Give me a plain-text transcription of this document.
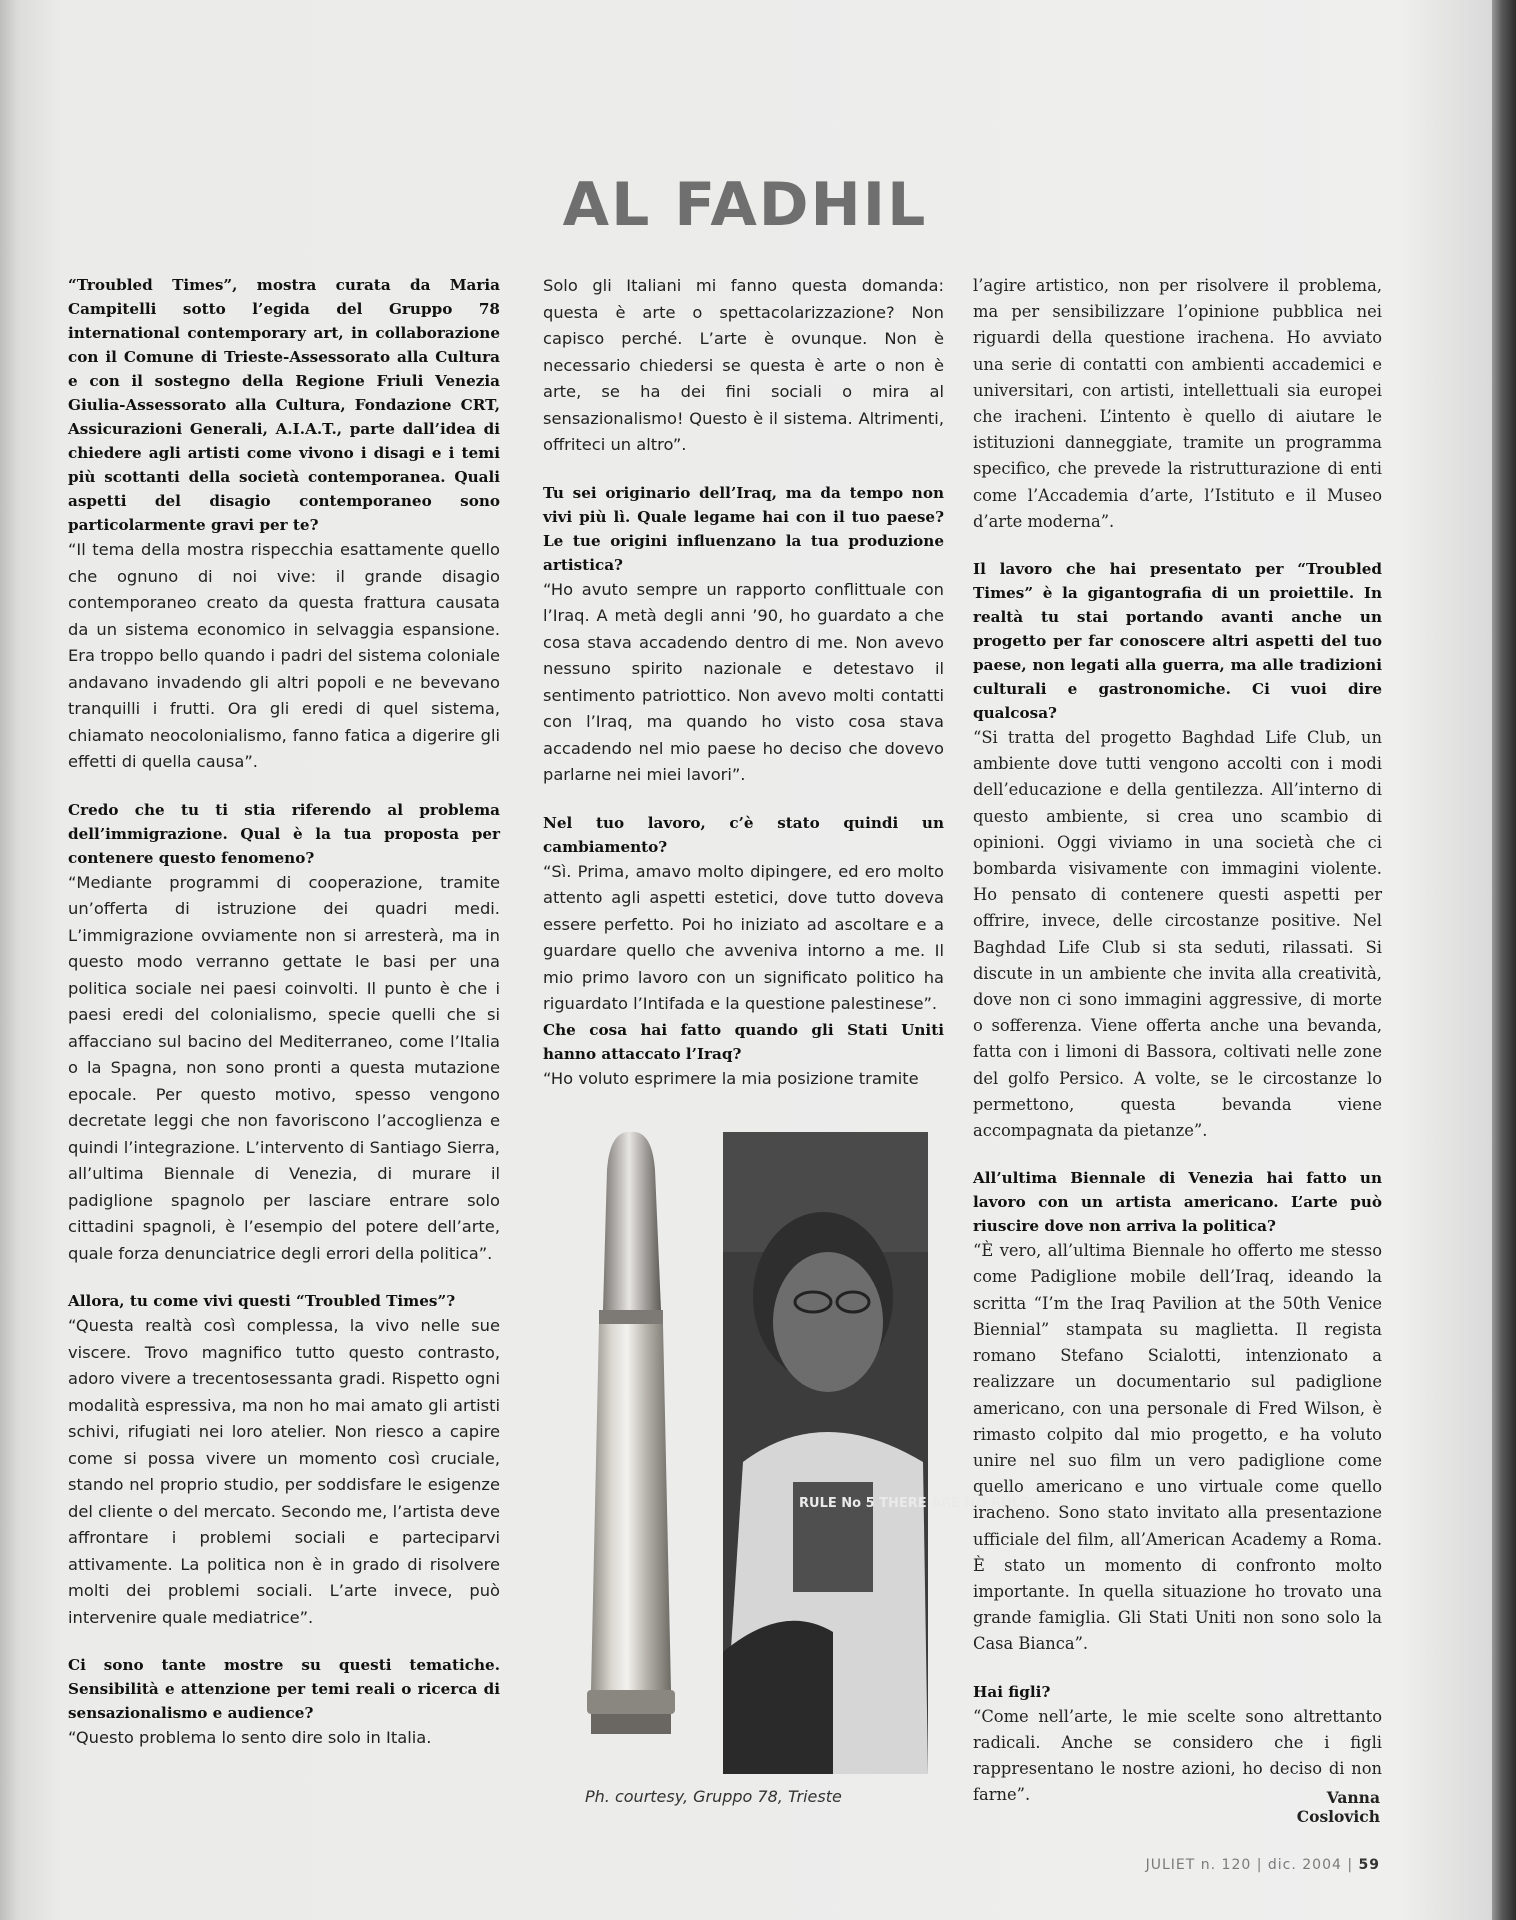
AL FADHIL

“Troubled Times”, mostra curata da Maria Campitelli sotto l’egida del Gruppo 78 international contemporary art, in collaborazione con il Comune di Trieste-Assessorato alla Cultura e con il sostegno della Regione Friuli Venezia Giulia-Assessorato alla Cultura, Fondazione CRT, Assicurazioni Generali, A.I.A.T., parte dall’idea di chiedere agli artisti come vivono i disagi e i temi più scottanti della società contemporanea. Quali aspetti del disagio contemporaneo sono particolarmente gravi per te?

“Il tema della mostra rispecchia esattamente quello che ognuno di noi vive: il grande disagio contemporaneo creato da questa frattura causata da un sistema economico in selvaggia espansione. Era troppo bello quando i padri del sistema coloniale andavano invadendo gli altri popoli e ne bevevano tranquilli i frutti. Ora gli eredi di quel sistema, chiamato neocolonialismo, fanno fatica a digerire gli effetti di quella causa”.

Credo che tu ti stia riferendo al problema dell’immigrazione. Qual è la tua proposta per contenere questo fenomeno?

“Mediante programmi di cooperazione, tramite un’offerta di istruzione dei quadri medi. L’immigrazione ovviamente non si arresterà, ma in questo modo verranno gettate le basi per una politica sociale nei paesi coinvolti. Il punto è che i paesi eredi del colonialismo, specie quelli che si affacciano sul bacino del Mediterraneo, come l’Italia o la Spagna, non sono pronti a questa mutazione epocale. Per questo motivo, spesso vengono decretate leggi che non favoriscono l’accoglienza e quindi l’integrazione. L’intervento di Santiago Sierra, all’ultima Biennale di Venezia, di murare il padiglione spagnolo per lasciare entrare solo cittadini spagnoli, è l’esempio del potere dell’arte, quale forza denunciatrice degli errori della politica”.

Allora, tu come vivi questi “Troubled Times”?

“Questa realtà così complessa, la vivo nelle sue viscere. Trovo magnifico tutto questo contrasto, adoro vivere a trecentosessanta gradi. Rispetto ogni modalità espressiva, ma non ho mai amato gli artisti schivi, rifugiati nei loro atelier. Non riesco a capire come si possa vivere un momento così cruciale, stando nel proprio studio, per soddisfare le esigenze del cliente o del mercato. Secondo me, l’artista deve affrontare i problemi sociali e parteciparvi attivamente. La politica non è in grado di risolvere molti dei problemi sociali. L’arte invece, può intervenire quale mediatrice”.

Ci sono tante mostre su questi tematiche. Sensibilità e attenzione per temi reali o ricerca di sensazionalismo e audience?

“Questo problema lo sento dire solo in Italia.

Solo gli Italiani mi fanno questa domanda: questa è arte o spettacolarizzazione? Non capisco perché. L’arte è ovunque. Non è necessario chiedersi se questa è arte o non è arte, se ha dei fini sociali o mira al sensazionalismo! Questo è il sistema. Altrimenti, offriteci un altro”.

Tu sei originario dell’Iraq, ma da tempo non vivi più lì. Quale legame hai con il tuo paese? Le tue origini influenzano la tua produzione artistica?

“Ho avuto sempre un rapporto conflittuale con l’Iraq. A metà degli anni ’90, ho guardato a che cosa stava accadendo dentro di me. Non avevo nessuno spirito nazionale e detestavo il sentimento patriottico. Non avevo molti contatti con l’Iraq, ma quando ho visto cosa stava accadendo nel mio paese ho deciso che dovevo parlarne nei miei lavori”.

Nel tuo lavoro, c’è stato quindi un cambiamento?

“Sì. Prima, amavo molto dipingere, ed ero molto attento agli aspetti estetici, dove tutto doveva essere perfetto. Poi ho iniziato ad ascoltare e a guardare quello che avveniva intorno a me. Il mio primo lavoro con un significato politico ha riguardato l’Intifada e la questione palestinese”.

Che cosa hai fatto quando gli Stati Uniti hanno attaccato l’Iraq?

“Ho voluto esprimere la mia posizione tramite

RULE No 5 THERE ARE NO RULES
Ph. courtesy, Gruppo 78, Trieste

l’agire artistico, non per risolvere il problema, ma per sensibilizzare l’opinione pubblica nei riguardi della questione irachena. Ho avviato una serie di contatti con ambienti accademici e universitari, con artisti, intellettuali sia europei che iracheni. L’intento è quello di aiutare le istituzioni danneggiate, tramite un programma specifico, che prevede la ristrutturazione di enti come l’Accademia d’arte, l’Istituto e il Museo d’arte moderna”.

Il lavoro che hai presentato per “Troubled Times” è la gigantografia di un proiettile. In realtà tu stai portando avanti anche un progetto per far conoscere altri aspetti del tuo paese, non legati alla guerra, ma alle tradizioni culturali e gastronomiche. Ci vuoi dire qualcosa?

“Si tratta del progetto Baghdad Life Club, un ambiente dove tutti vengono accolti con i modi dell’educazione e della gentilezza. All’interno di questo ambiente, si crea uno scambio di opinioni. Oggi viviamo in una società che ci bombarda visivamente con immagini violente. Ho pensato di contenere questi aspetti per offrire, invece, delle circostanze positive. Nel Baghdad Life Club si sta seduti, rilassati. Si discute in un ambiente che invita alla creatività, dove non ci sono immagini aggressive, di morte o sofferenza. Viene offerta anche una bevanda, fatta con i limoni di Bassora, coltivati nelle zone del golfo Persico. A volte, se le circostanze lo permettono, questa bevanda viene accompagnata da pietanze”.

All’ultima Biennale di Venezia hai fatto un lavoro con un artista americano. L’arte può riuscire dove non arriva la politica?

“È vero, all’ultima Biennale ho offerto me stesso come Padiglione mobile dell’Iraq, ideando la scritta “I’m the Iraq Pavilion at the 50th Venice Biennial” stampata su maglietta. Il regista romano Stefano Scialotti, intenzionato a realizzare un documentario sul padiglione americano, con una personale di Fred Wilson, è rimasto colpito dal mio progetto, e ha voluto unire nel suo film un vero padiglione come quello americano e uno virtuale come quello iracheno. Sono stato invitato alla presentazione ufficiale del film, all’American Academy a Roma. È stato un momento di confronto molto importante. In quella situazione ho trovato una grande famiglia. Gli Stati Uniti non sono solo la Casa Bianca”.

Hai figli?

“Come nell’arte, le mie scelte sono altrettanto radicali. Anche se considero che i figli rappresentano le nostre azioni, ho deciso di non farne”.	Vanna Coslovich
JULIET n. 120 | dic. 2004 | 59
